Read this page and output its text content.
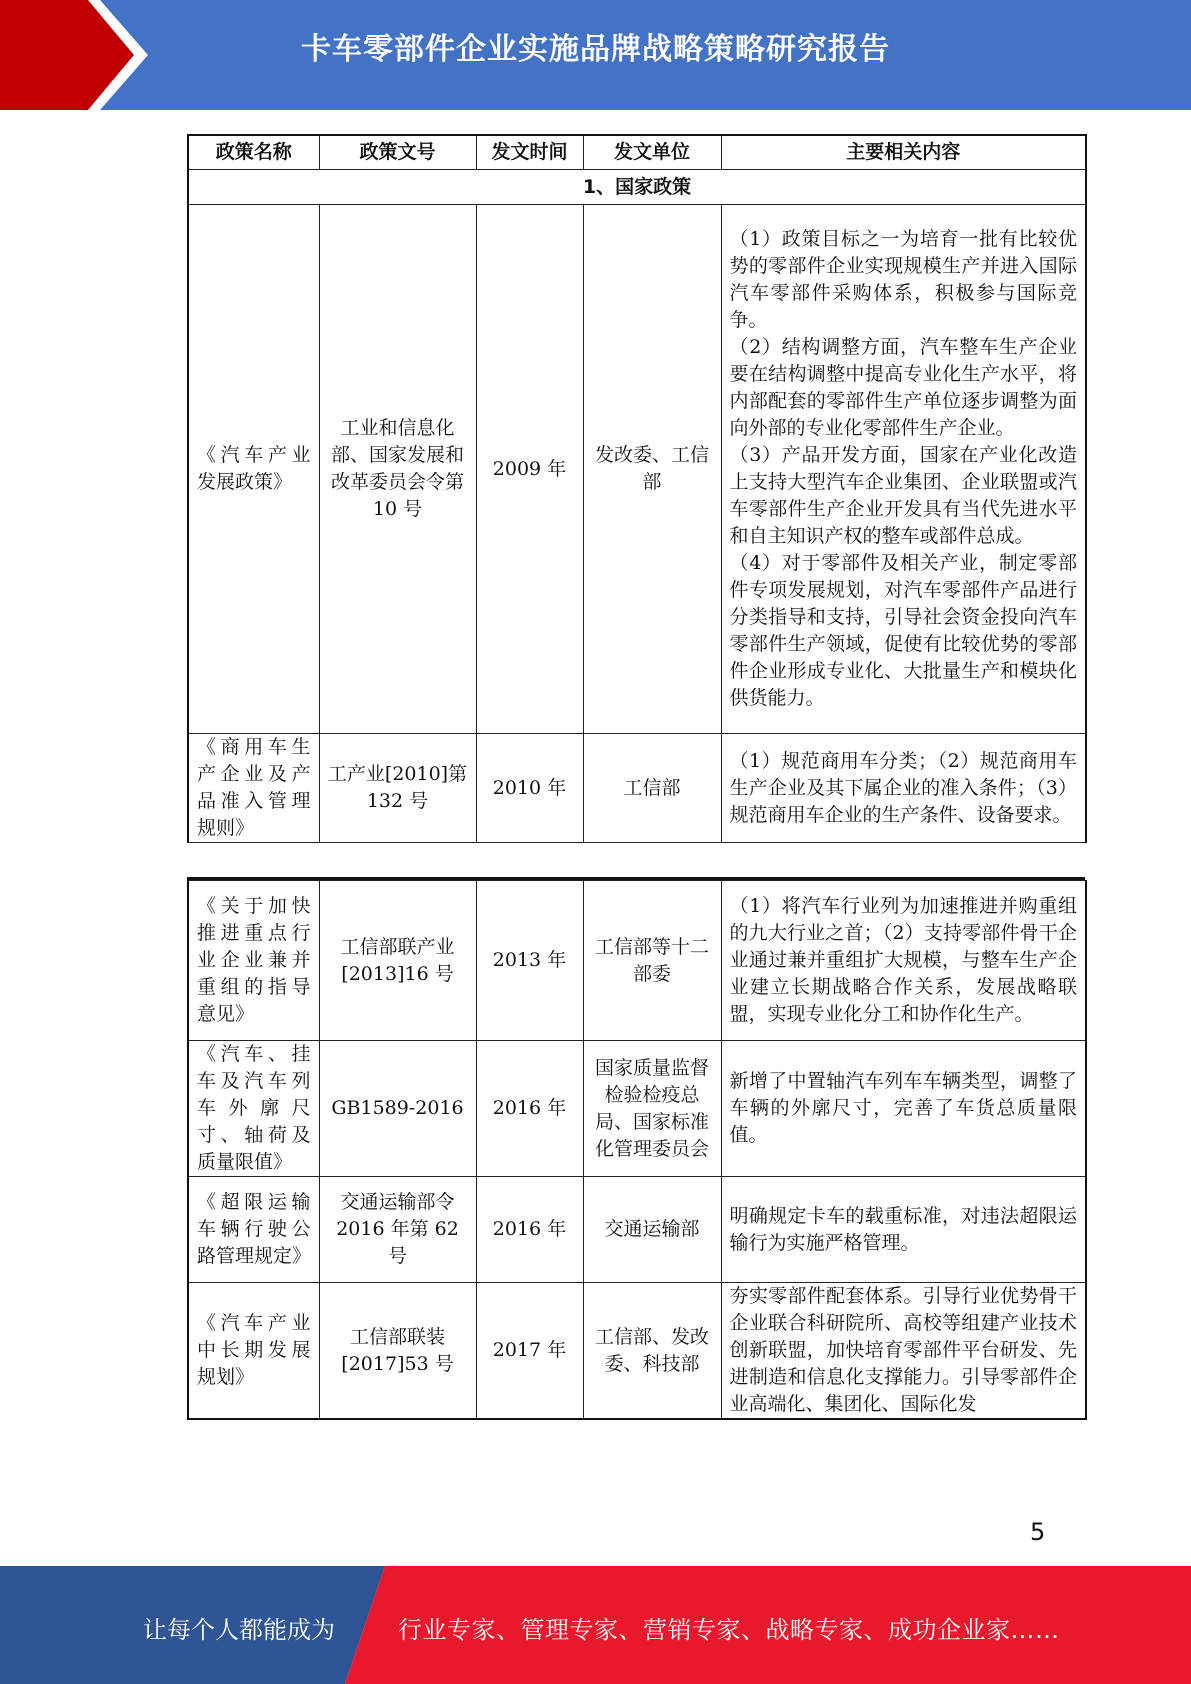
卡车零部件企业实施品牌战略策略研究报告
政策名称	政策文号	发文时间	发文单位	主要相关内容
1、国家政策				
《汽车产业发展政策》	工业和信息化部、国家发展和改革委员会令第 10 号	2009 年	发改委、工信部	（1）政策目标之一为培育一批有比较优势的零部件企业实现规模生产并进入国际汽车零部件采购体系，积极参与国际竞争。
（2）结构调整方面，汽车整车生产企业要在结构调整中提高专业化生产水平，将内部配套的零部件生产单位逐步调整为面向外部的专业化零部件生产企业。
（3）产品开发方面，国家在产业化改造上支持大型汽车企业集团、企业联盟或汽车零部件生产企业开发具有当代先进水平和自主知识产权的整车或部件总成。
（4）对于零部件及相关产业，制定零部件专项发展规划，对汽车零部件产品进行分类指导和支持，引导社会资金投向汽车零部件生产领域，促使有比较优势的零部件企业形成专业化、大批量生产和模块化供货能力。

《商用车生产企业及产品准入管理规则》	工产业[2010]第 132 号	2010 年	工信部	（1）规范商用车分类；（2）规范商用车生产企业及其下属企业的准入条件；（3）规范商用车企业的生产条件、设备要求。
《关于加快推进重点行业企业兼并重组的指导意见》	工信部联产业[2013]16 号	2013 年	工信部等十二部委	（1）将汽车行业列为加速推进并购重组的九大行业之首；（2）支持零部件骨干企业通过兼并重组扩大规模，与整车生产企业建立长期战略合作关系，发展战略联盟，实现专业化分工和协作化生产。
《汽车、挂车及汽车列车外廓尺寸、轴荷及质量限值》	GB1589-2016	2016 年	国家质量监督检验检疫总局、国家标准化管理委员会	新增了中置轴汽车列车车辆类型，调整了车辆的外廓尺寸，完善了车货总质量限值。
《超限运输车辆行驶公路管理规定》	交通运输部令2016 年第 62 号	2016 年	交通运输部	明确规定卡车的载重标准，对违法超限运输行为实施严格管理。
《汽车产业中长期发展规划》	工信部联装[2017]53 号	2017 年	工信部、发改委、科技部	夯实零部件配套体系。引导行业优势骨干企业联合科研院所、高校等组建产业技术创新联盟，加快培育零部件平台研发、先进制造和信息化支撑能力。引导零部件企业高端化、集团化、国际化发
5
让每个人都能成为	行业专家、管理专家、营销专家、战略专家、成功企业家……
